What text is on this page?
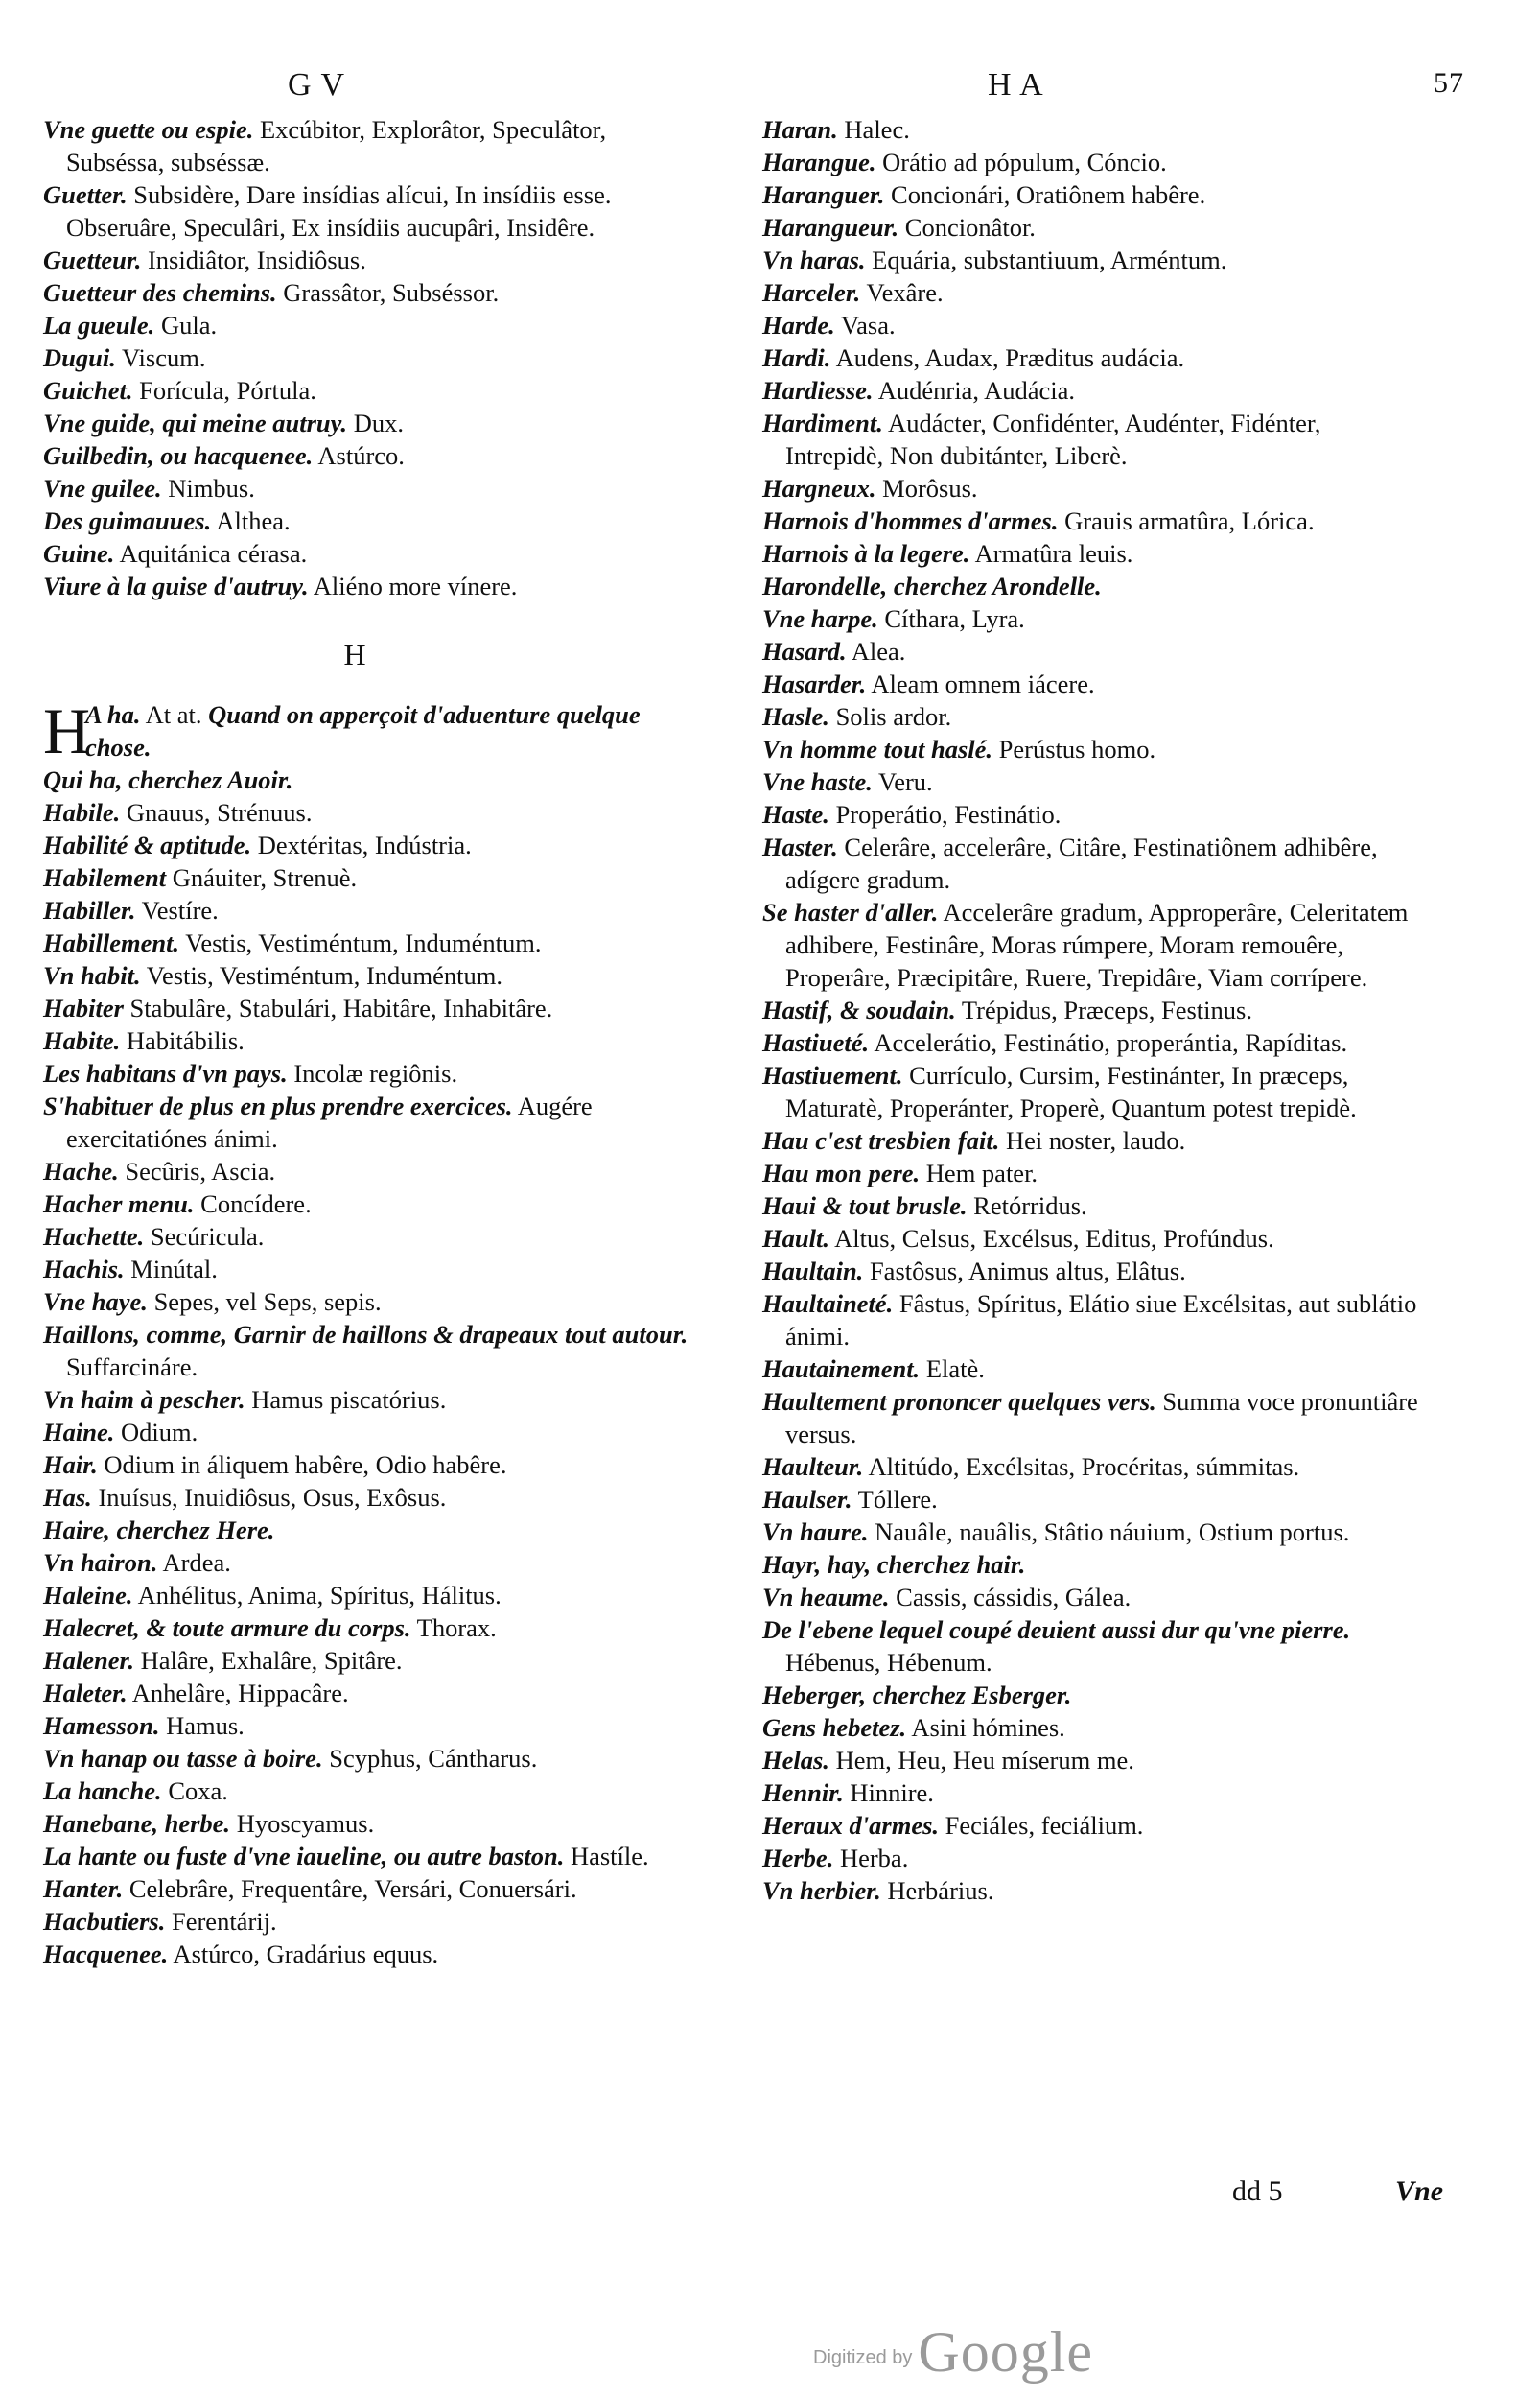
G V	H A	57
Vne guette ou espie. Excúbitor, Explorâtor, Speculâtor, Subséssa, subséssæ.
Guetter. Subsidère, Dare insídias alícui, In insídiis esse. Obseruâre, Speculâri, Ex insídiis aucupâri, Insidêre.
Guetteur. Insidiâtor, Insidiôsus.
Guetteur des chemins. Grassâtor, Subséssor.
La gueule. Gula.
Dugui. Viscum.
Guichet. Forícula, Pórtula.
Vne guide, qui meine autruy. Dux.
Guilbedin, ou hacquenee. Astúrco.
Vne guilee. Nimbus.
Des guimauues. Althea.
Guine. Aquitánica cérasa.
Viure à la guise d'autruy. Aliéno more vínere.
H
H
A ha. At at. Quand on apperçoit d'aduenture quelque chose.
Qui ha, cherchez Auoir.
Habile. Gnauus, Strénuus.
Habilité & aptitude. Dextéritas, Indústria.
Habilement Gnáuiter, Strenuè.
Habiller. Vestíre.
Habillement. Vestis, Vestiméntum, Induméntum.
Vn habit. Vestis, Vestiméntum, Induméntum.
Habiter Stabulâre, Stabulári, Habitâre, Inhabitâre.
Habite. Habitábilis.
Les habitans d'vn pays. Incolæ regiônis.
S'habituer de plus en plus prendre exercices. Augére exercitatiónes ánimi.
Hache. Secûris, Ascia.
Hacher menu. Concídere.
Hachette. Secúricula.
Hachis. Minútal.
Vne haye. Sepes, vel Seps, sepis.
Haillons, comme, Garnir de haillons & drapeaux tout autour. Suffarcináre.
Vn haim à pescher. Hamus piscatórius.
Haine. Odium.
Hair. Odium in áliquem habêre, Odio habêre.
Has. Inuísus, Inuidiôsus, Osus, Exôsus.
Haire, cherchez Here.
Vn hairon. Ardea.
Haleine. Anhélitus, Anima, Spíritus, Hálitus.
Halecret, & toute armure du corps. Thorax.
Halener. Halâre, Exhalâre, Spitâre.
Haleter. Anhelâre, Hippacâre.
Hamesson. Hamus.
Vn hanap ou tasse à boire. Scyphus, Cántharus.
La hanche. Coxa.
Hanebane, herbe. Hyoscyamus.
La hante ou fuste d'vne iaueline, ou autre baston. Hastíle.
Hanter. Celebrâre, Frequentâre, Versári, Conuersári.
Hacbutiers. Ferentárij.
Hacquenee. Astúrco, Gradárius equus.
Haran. Halec.
Harangue. Orátio ad pópulum, Cóncio.
Haranguer. Concionári, Oratiônem habêre.
Harangueur. Concionâtor.
Vn haras. Equária, substantiuum, Arméntum.
Harceler. Vexâre.
Harde. Vasa.
Hardi. Audens, Audax, Præditus audácia.
Hardiesse. Audénria, Audácia.
Hardiment. Audácter, Confidénter, Audénter, Fidénter, Intrepidè, Non dubitánter, Liberè.
Hargneux. Morôsus.
Harnois d'hommes d'armes. Grauis armatûra, Lórica.
Harnois à la legere. Armatûra leuis.
Harondelle, cherchez Arondelle.
Vne harpe. Cíthara, Lyra.
Hasard. Alea.
Hasarder. Aleam omnem iácere.
Hasle. Solis ardor.
Vn homme tout haslé. Perústus homo.
Vne haste. Veru.
Haste. Properátio, Festinátio.
Haster. Celerâre, accelerâre, Citâre, Festinatiônem adhibêre, adígere gradum.
Se haster d'aller. Accelerâre gradum, Approperâre, Celeritatem adhibere, Festinâre, Moras rúmpere, Moram remouêre, Properâre, Præcipitâre, Ruere, Trepidâre, Viam corrípere.
Hastif, & soudain. Trépidus, Præceps, Festinus.
Hastiueté. Accelerátio, Festinátio, properántia, Rapíditas.
Hastiuement. Currículo, Cursim, Festinánter, In præceps, Maturatè, Properánter, Properè, Quantum potest trepidè.
Hau c'est tresbien fait. Hei noster, laudo.
Hau mon pere. Hem pater.
Haui & tout brusle. Retórridus.
Hault. Altus, Celsus, Excélsus, Editus, Profúndus.
Haultain. Fastôsus, Animus altus, Elâtus.
Haultaineté. Fâstus, Spíritus, Elátio siue Excélsitas, aut sublátio ánimi.
Hautainement. Elatè.
Haultement prononcer quelques vers. Summa voce pronuntiâre versus.
Haulteur. Altitúdo, Excélsitas, Procéritas, súmmitas.
Haulser. Tóllere.
Vn haure. Nauâle, nauâlis, Stâtio náuium, Ostium portus.
Hayr, hay, cherchez hair.
Vn heaume. Cassis, cássidis, Gálea.
De l'ebene lequel coupé deuient aussi dur qu'vne pierre. Hébenus, Hébenum.
Heberger, cherchez Esberger.
Gens hebetez. Asini hómines.
Helas. Hem, Heu, Heu míserum me.
Hennir. Hinnire.
Heraux d'armes. Feciáles, feciálium.
Herbe. Herba.
Vn herbier. Herbárius.
dd 5	Vne
Digitized by Google
